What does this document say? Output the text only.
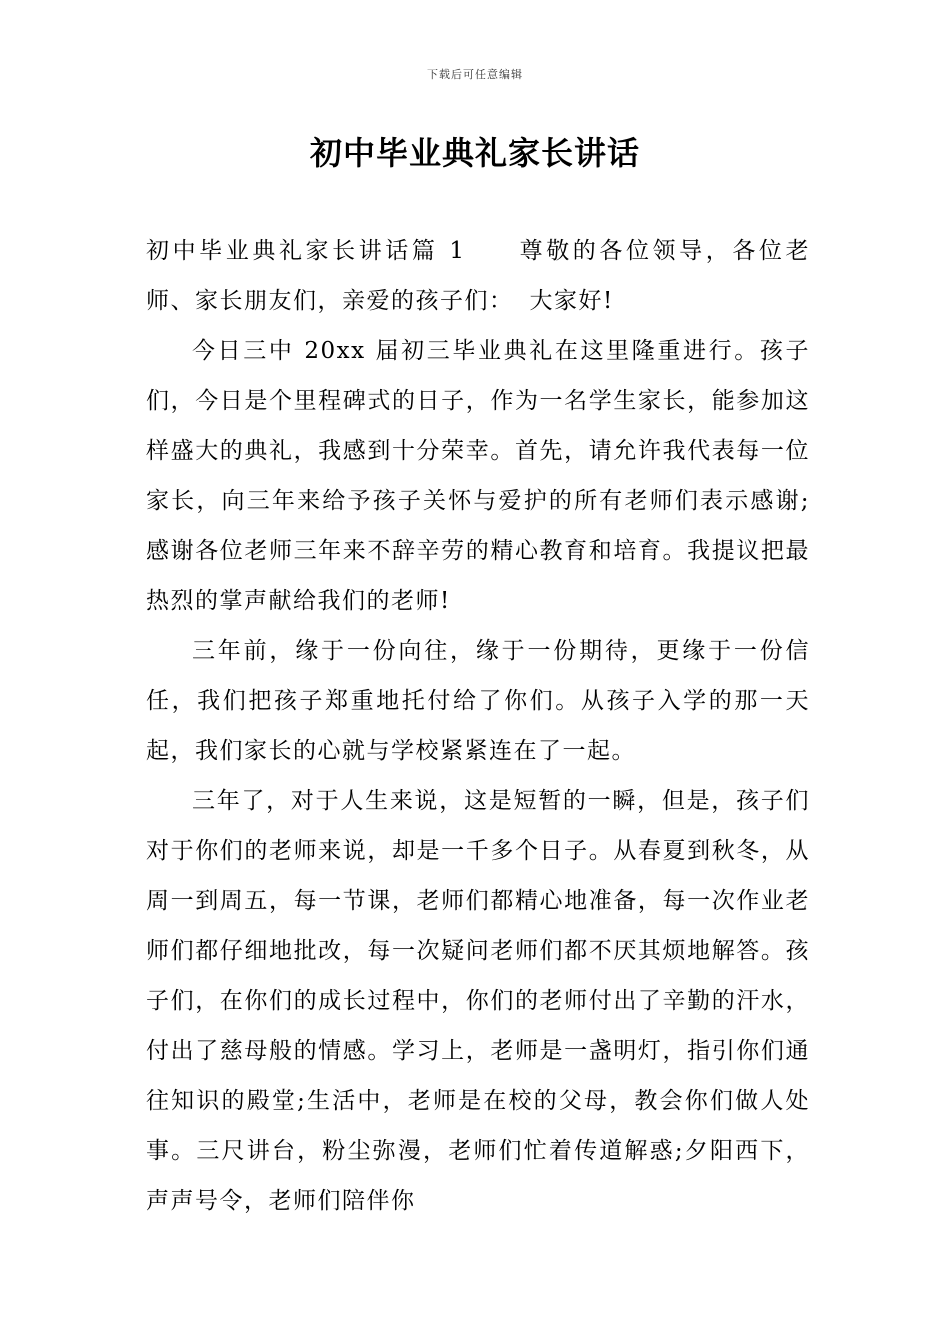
下载后可任意编辑
初中毕业典礼家长讲话

初中毕业典礼家长讲话篇 1 尊敬的各位领导，各位老师、家长朋友们，亲爱的孩子们： 大家好!

今日三中 20xx 届初三毕业典礼在这里隆重进行。孩子们，今日是个里程碑式的日子，作为一名学生家长，能参加这样盛大的典礼，我感到十分荣幸。首先，请允许我代表每一位家长，向三年来给予孩子关怀与爱护的所有老师们表示感谢;感谢各位老师三年来不辞辛劳的精心教育和培育。我提议把最热烈的掌声献给我们的老师!

三年前，缘于一份向往，缘于一份期待，更缘于一份信任，我们把孩子郑重地托付给了你们。从孩子入学的那一天起，我们家长的心就与学校紧紧连在了一起。

三年了，对于人生来说，这是短暂的一瞬，但是，孩子们对于你们的老师来说，却是一千多个日子。从春夏到秋冬，从周一到周五，每一节课，老师们都精心地准备，每一次作业老师们都仔细地批改，每一次疑问老师们都不厌其烦地解答。孩子们，在你们的成长过程中，你们的老师付出了辛勤的汗水，付出了慈母般的情感。学习上，老师是一盏明灯，指引你们通往知识的殿堂;生活中，老师是在校的父母，教会你们做人处事。三尺讲台，粉尘弥漫，老师们忙着传道解惑;夕阳西下，声声号令，老师们陪伴你
